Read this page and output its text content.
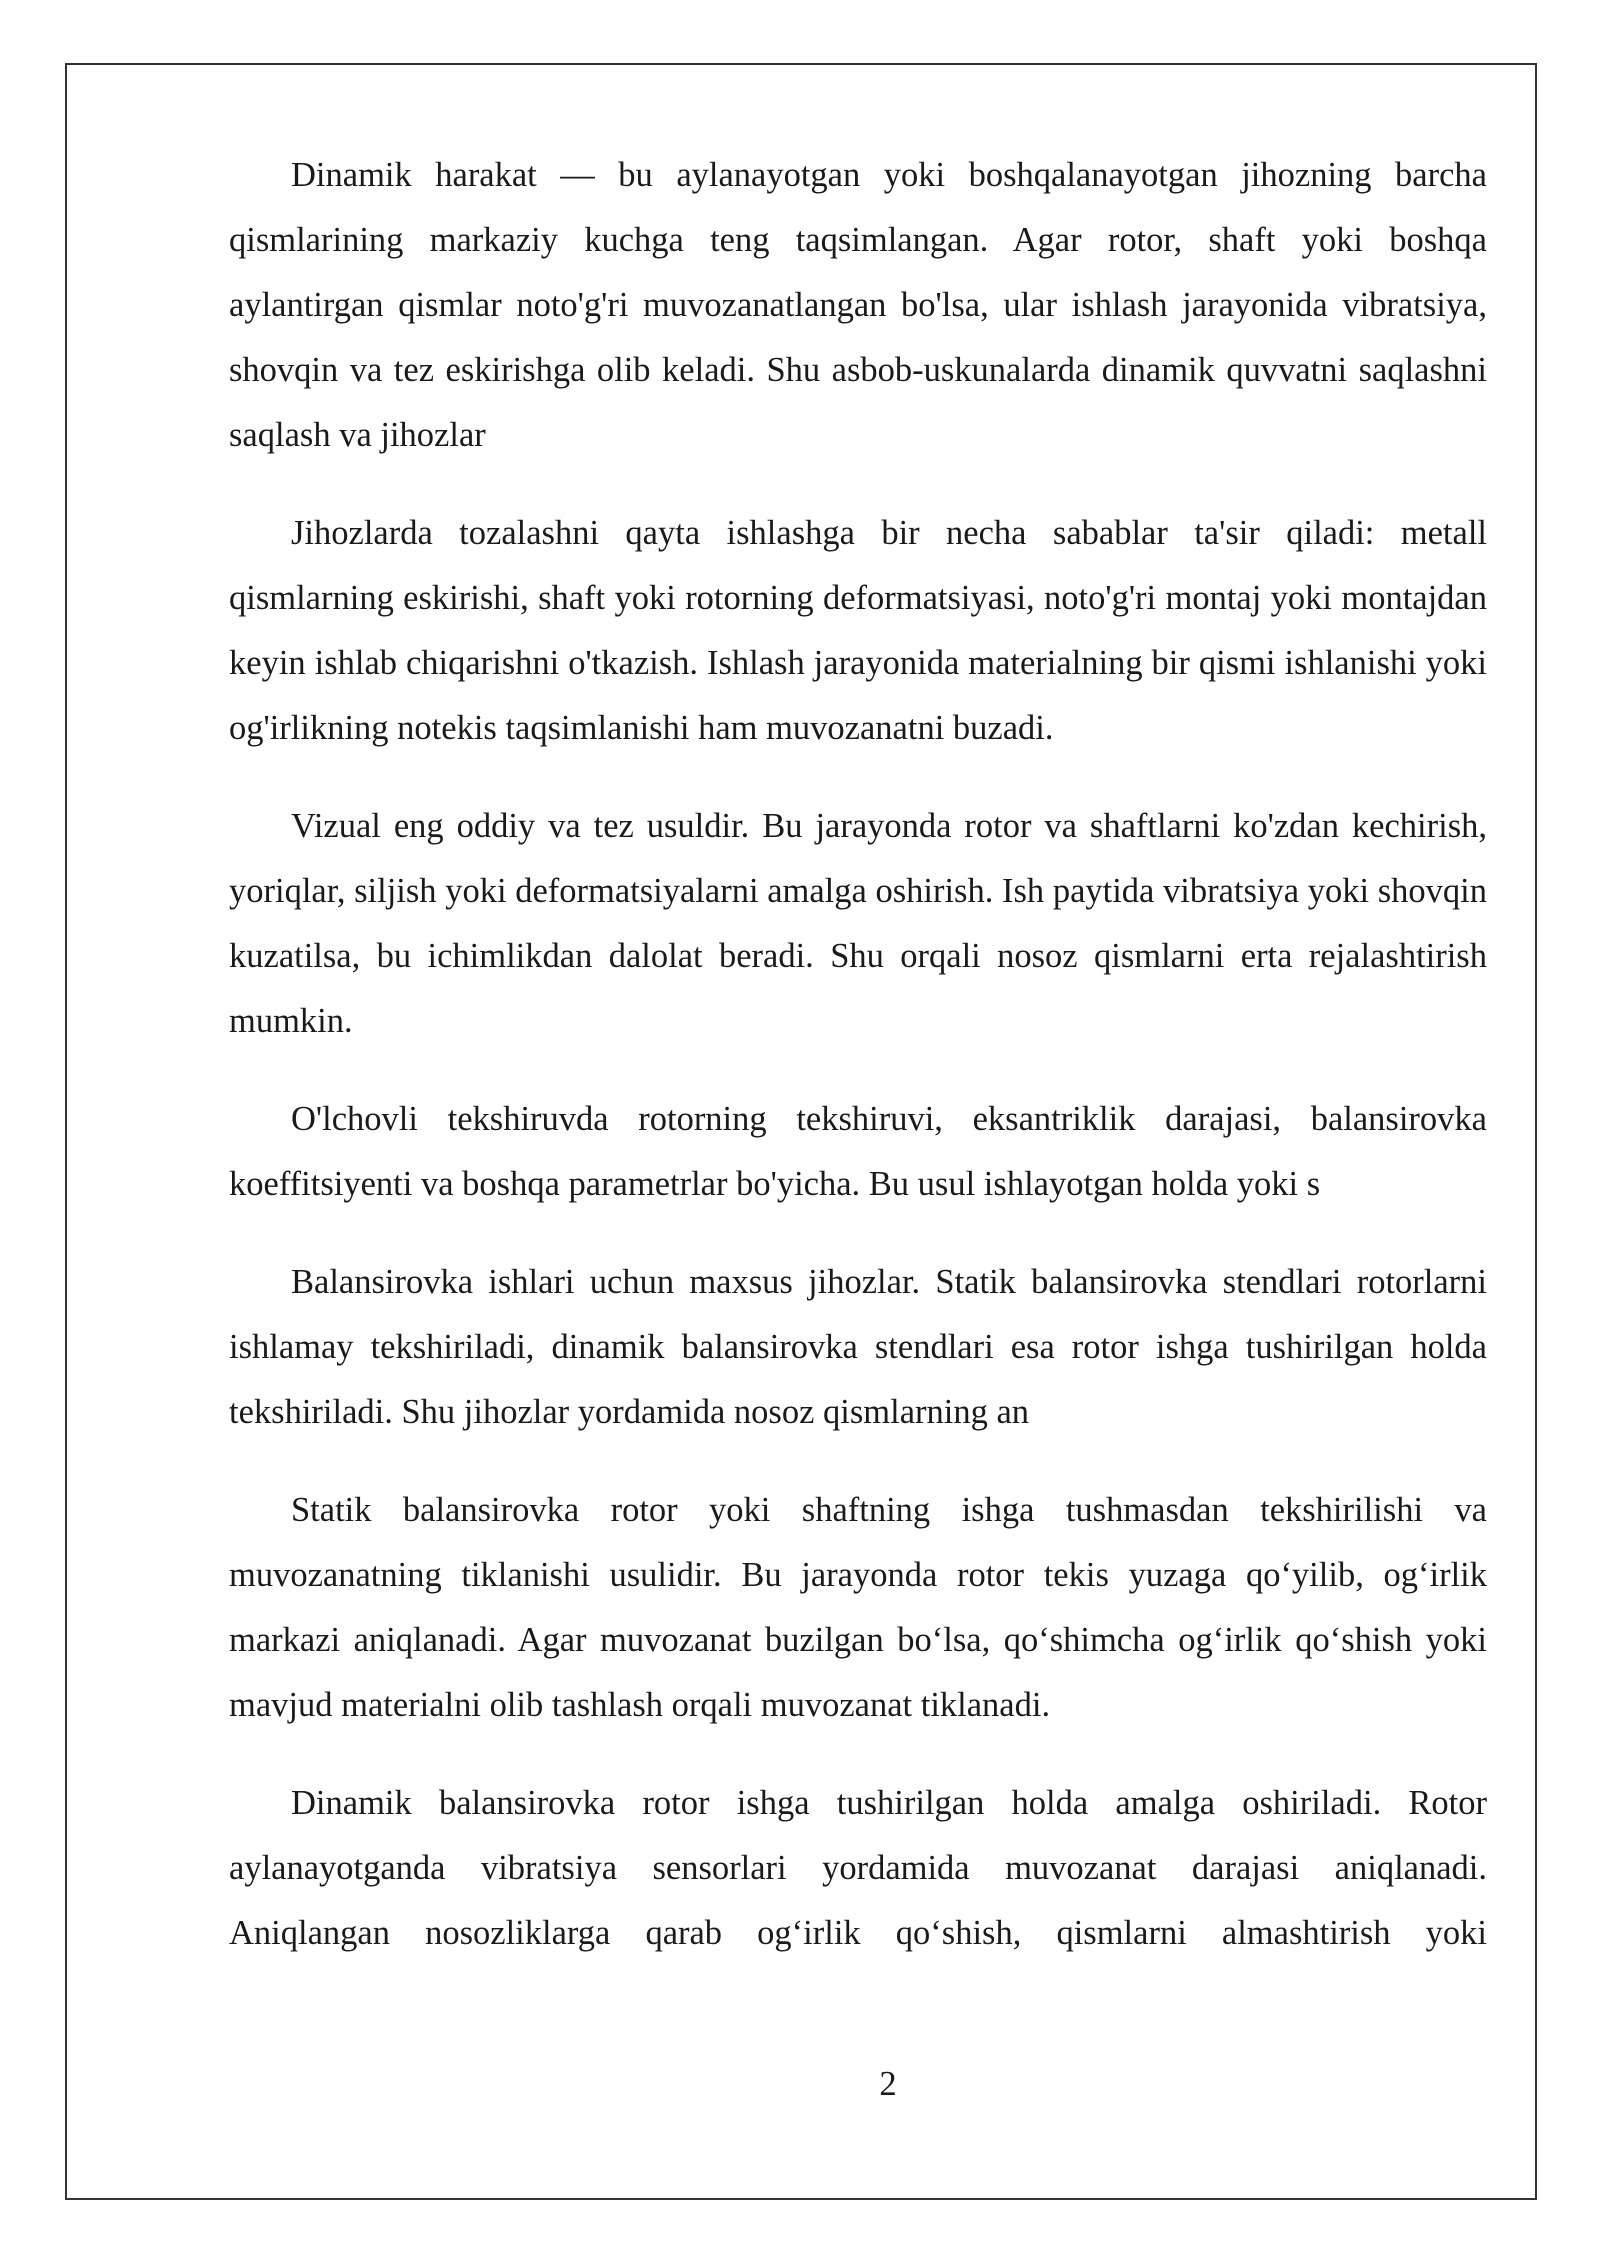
Dinamik harakat — bu aylanayotgan yoki boshqalanayotgan jihozning barcha qismlarining markaziy kuchga teng taqsimlangan. Agar rotor, shaft yoki boshqa aylantirgan qismlar noto'g'ri muvozanatlangan bo'lsa, ular ishlash jarayonida vibratsiya, shovqin va tez eskirishga olib keladi. Shu asbob-uskunalarda dinamik quvvatni saqlashni saqlash va jihozlar

Jihozlarda tozalashni qayta ishlashga bir necha sabablar ta'sir qiladi: metall qismlarning eskirishi, shaft yoki rotorning deformatsiyasi, noto'g'ri montaj yoki montajdan keyin ishlab chiqarishni o'tkazish. Ishlash jarayonida materialning bir qismi ishlanishi yoki og'irlikning notekis taqsimlanishi ham muvozanatni buzadi.

Vizual eng oddiy va tez usuldir. Bu jarayonda rotor va shaftlarni ko'zdan kechirish, yoriqlar, siljish yoki deformatsiyalarni amalga oshirish. Ish paytida vibratsiya yoki shovqin kuzatilsa, bu ichimlikdan dalolat beradi. Shu orqali nosoz qismlarni erta rejalashtirish mumkin.

O'lchovli tekshiruvda rotorning tekshiruvi, eksantriklik darajasi, balansirovka koeffitsiyenti va boshqa parametrlar bo'yicha. Bu usul ishlayotgan holda yoki s

Balansirovka ishlari uchun maxsus jihozlar. Statik balansirovka stendlari rotorlarni ishlamay tekshiriladi, dinamik balansirovka stendlari esa rotor ishga tushirilgan holda tekshiriladi. Shu jihozlar yordamida nosoz qismlarning an

Statik balansirovka rotor yoki shaftning ishga tushmasdan tekshirilishi va muvozanatning tiklanishi usulidir. Bu jarayonda rotor tekis yuzaga qo‘yilib, og‘irlik markazi aniqlanadi. Agar muvozanat buzilgan bo‘lsa, qo‘shimcha og‘irlik qo‘shish yoki mavjud materialni olib tashlash orqali muvozanat tiklanadi.

Dinamik balansirovka rotor ishga tushirilgan holda amalga oshiriladi. Rotor aylanayotganda vibratsiya sensorlari yordamida muvozanat darajasi aniqlanadi. Aniqlangan nosozliklarga qarab og‘irlik qo‘shish, qismlarni almashtirish yoki

2
